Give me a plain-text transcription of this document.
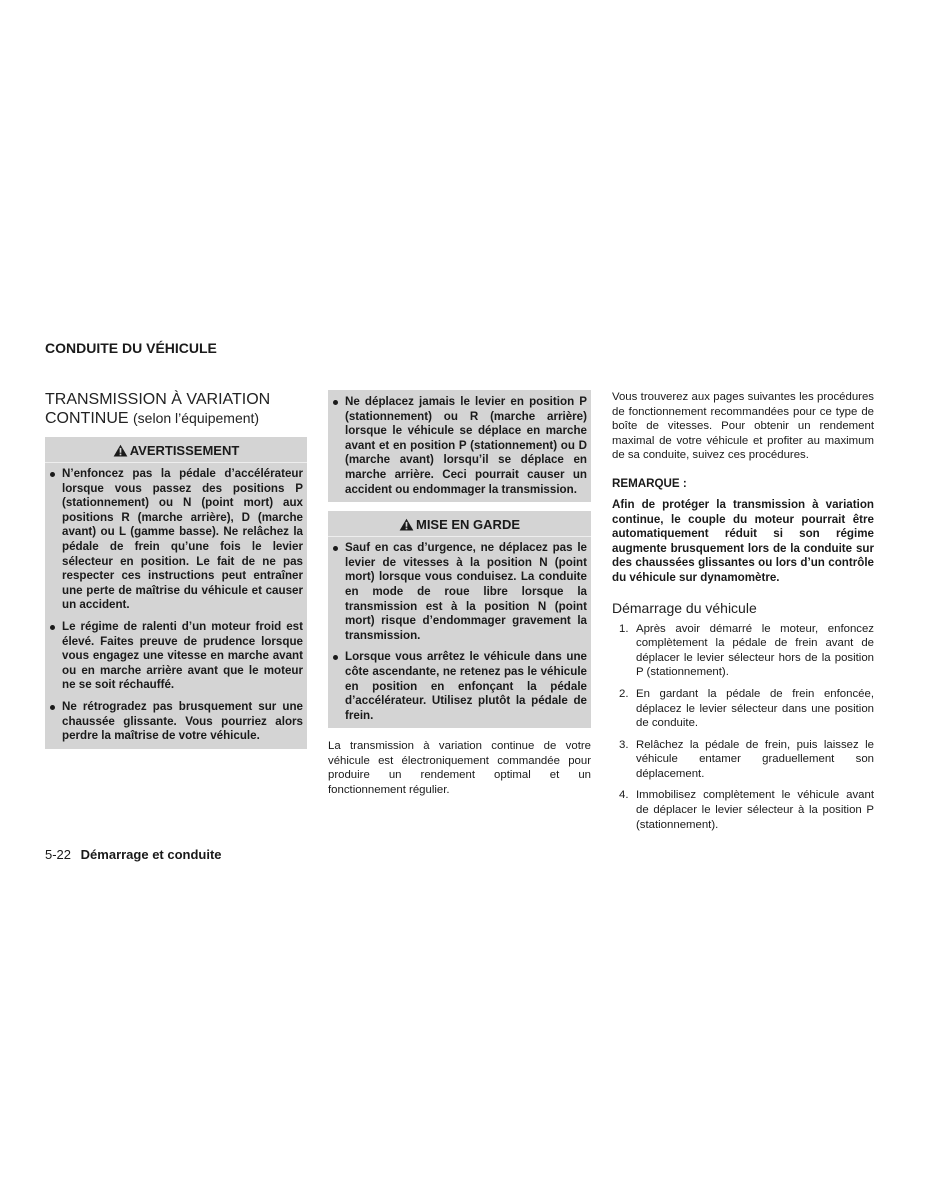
CONDUITE DU VÉHICULE
TRANSMISSION À VARIATION CONTINUE (selon l’équipement)
AVERTISSEMENT
N’enfoncez pas la pédale d’accélérateur lorsque vous passez des positions P (stationnement) ou N (point mort) aux positions R (marche arrière), D (marche avant) ou L (gamme basse). Ne relâchez la pédale de frein qu’une fois le levier sélecteur en position. Le fait de ne pas respecter ces instructions peut entraîner une perte de maîtrise du véhicule et causer un accident.
Le régime de ralenti d’un moteur froid est élevé. Faites preuve de prudence lorsque vous engagez une vitesse en marche avant ou en marche arrière avant que le moteur ne se soit réchauffé.
Ne rétrogradez pas brusquement sur une chaussée glissante. Vous pourriez alors perdre la maîtrise de votre véhicule.
Ne déplacez jamais le levier en position P (stationnement) ou R (marche arrière) lorsque le véhicule se déplace en marche avant et en position P (stationnement) ou D (marche avant) lorsqu’il se déplace en marche arrière. Ceci pourrait causer un accident ou endommager la transmission.
MISE EN GARDE
Sauf en cas d’urgence, ne déplacez pas le levier de vitesses à la position N (point mort) lorsque vous conduisez. La conduite en mode de roue libre lorsque la transmission est à la position N (point mort) risque d’endommager gravement la transmission.
Lorsque vous arrêtez le véhicule dans une côte ascendante, ne retenez pas le véhicule en position en enfonçant la pédale d’accélérateur. Utilisez plutôt la pédale de frein.

La transmission à variation continue de votre véhicule est électroniquement commandée pour produire un rendement optimal et un fonctionnement régulier.

Vous trouverez aux pages suivantes les procédures de fonctionnement recommandées pour ce type de boîte de vitesses. Pour obtenir un rendement maximal de votre véhicule et profiter au maximum de sa conduite, suivez ces procédures.

REMARQUE :

Afin de protéger la transmission à variation continue, le couple du moteur pourrait être automatiquement réduit si son régime augmente brusquement lors de la conduite sur des chaussées glissantes ou lors d’un contrôle du véhicule sur dynamomètre.

Démarrage du véhicule
1. Après avoir démarré le moteur, enfoncez complètement la pédale de frein avant de déplacer le levier sélecteur hors de la position P (stationnement).
2. En gardant la pédale de frein enfoncée, déplacez le levier sélecteur dans une position de conduite.
3. Relâchez la pédale de frein, puis laissez le véhicule entamer graduellement son déplacement.
4. Immobilisez complètement le véhicule avant de déplacer le levier sélecteur à la position P (stationnement).
5-22 Démarrage et conduite
